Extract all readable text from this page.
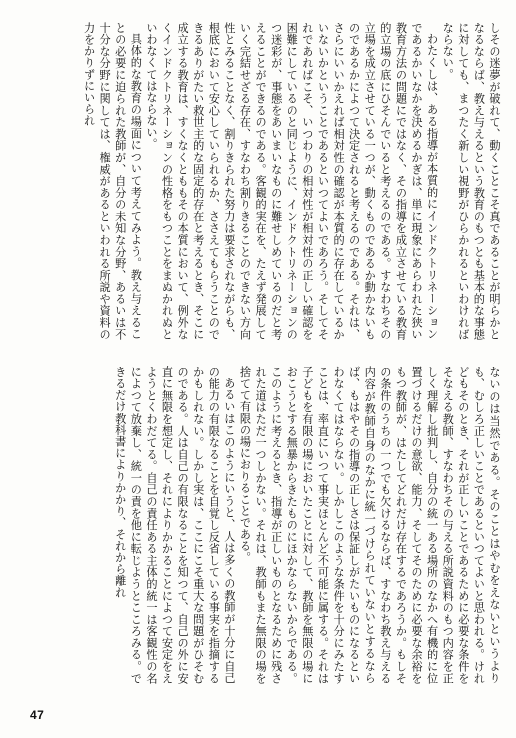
しその迷夢が破れて、動くことこそ真であることが明らかとなるならば、教え与えるという教育のもつとも基本的な事態に対しても、まつたく新しい視野がひらかれるといわければならない。

わたくしは、ある指導が本質的にインドクトリネーションであるかいなかを決めるかぎは、単に現象にあらわれた狭い教育方法の問題にではなく、その指導を成立させている教育的立場の底にひそんでいると考えるのである。すなわちその立場を成立させている一つが、動くものであるか動かないものであるかによつて決定されると考えるのである。それは、さらにいいかえれば相対性の確認が本質的に存在しているかいないかということであるといつてよいであろう。そしてそれであればこそ、いつわりの相対性が相対性の正しい確認を困難にしているのと同じように、インドクトリネーションのつ迷彩が、事態をあいまいなものに難せしめているのだと考えることができるのである。客観的実在を、たえず発展していく完結せざる存在、すなわち割りきることのできない方向性とみることなく、割りきられた努力は要求されながらも、根底において安心していられるか、ささえてもらうことのできるありがたい救世主的な固定的存在と考えるとき、そこに成立する教育は、すくなくとももその本質において、例外なくインドクトリネーションの性格をもつことをまぬかれぬといわなくてはならない。

具体的な教育の場面について考えてみよう。教え与えることの必要に迫られた教師が、自分の未知な分野、あるいは不十分な分野に関しては、権威があるといわれる所説や資料の力をかりずにいられ

ないのは当然である。そのことはやむをえないというよりも、むしろ正しいことであるといつてよいと思われる。けれどもそのとき、それが正しいことであるために必要な条件をそなえる教師、すなわちその与える所説資料のもつ内容を正しく理解し批判し、自分の統一ある場所のなかへ有機的に位置づけるだけの意欲、能力、そしてそのために必要な余裕をもつ教師が、はたしてどれだけ存在するであろうか。もしその条件のうちの一つでも欠けるならば、すなわち教え与える内容が教師自身のなかに統一づけられていないとするならば、もはやその指導の正しさは保証しがたいものになるといわなくてはならない。しかしこのような条件を十分にみたすことは、率直にいつて事実ほとんど不可能に属する。それは子どもを有限の場においたことに対して、教師を無限の場におこうとする無暴からきたものにほかならないからである。このように考えるとき、指導が正しいものとなるために残された道はただ一つしかない。それは、教師もまた無限の場を捨てて有限の場におりることである。

あるいはこのようにいうと、人は多くの教師が十分に自己の能力の有限なることを自覚し反省している事実を指摘するかもしれない。しかし実は、ここにこそ重大な問題がひそむのである。人は自己の有限なることを知つて、自己の外に安直に無限を想定し、それによりかかることによつて安定をえようとくわだてる。自己の責任ある主体的統一は客観性の名によつて放棄し、統一の責を他に転じようとこころみる。できるだけ教科書によりかかり、それから離れ

47
